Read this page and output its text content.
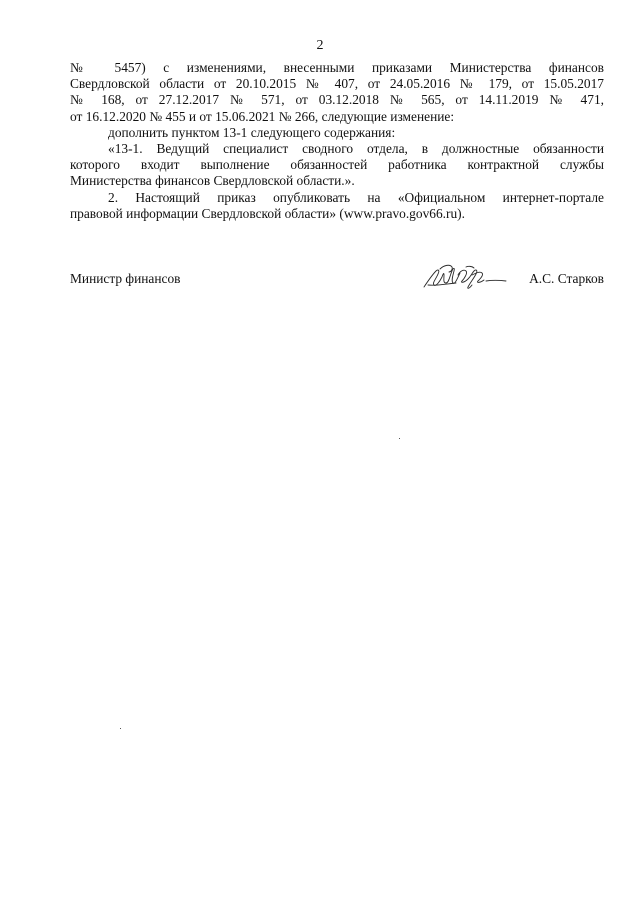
2

№ 5457) с изменениями, внесенными приказами Министерства финансов
Свердловской области от 20.10.2015 № 407, от 24.05.2016 № 179, от 15.05.2017
№ 168, от 27.12.2017 № 571, от 03.12.2018 № 565, от 14.11.2019 № 471,
от 16.12.2020 № 455 и от 15.06.2021 № 266, следующие изменение:

дополнить пунктом 13-1 следующего содержания:

«13-1. Ведущий специалист сводного отдела, в должностные обязанности
которого входит выполнение обязанностей работника контрактной службы
Министерства финансов Свердловской области.».

2. Настоящий приказ опубликовать на «Официальном интернет-портале
правовой информации Свердловской области» (www.pravo.gov66.ru).

Министр финансов	А.С. Старков
